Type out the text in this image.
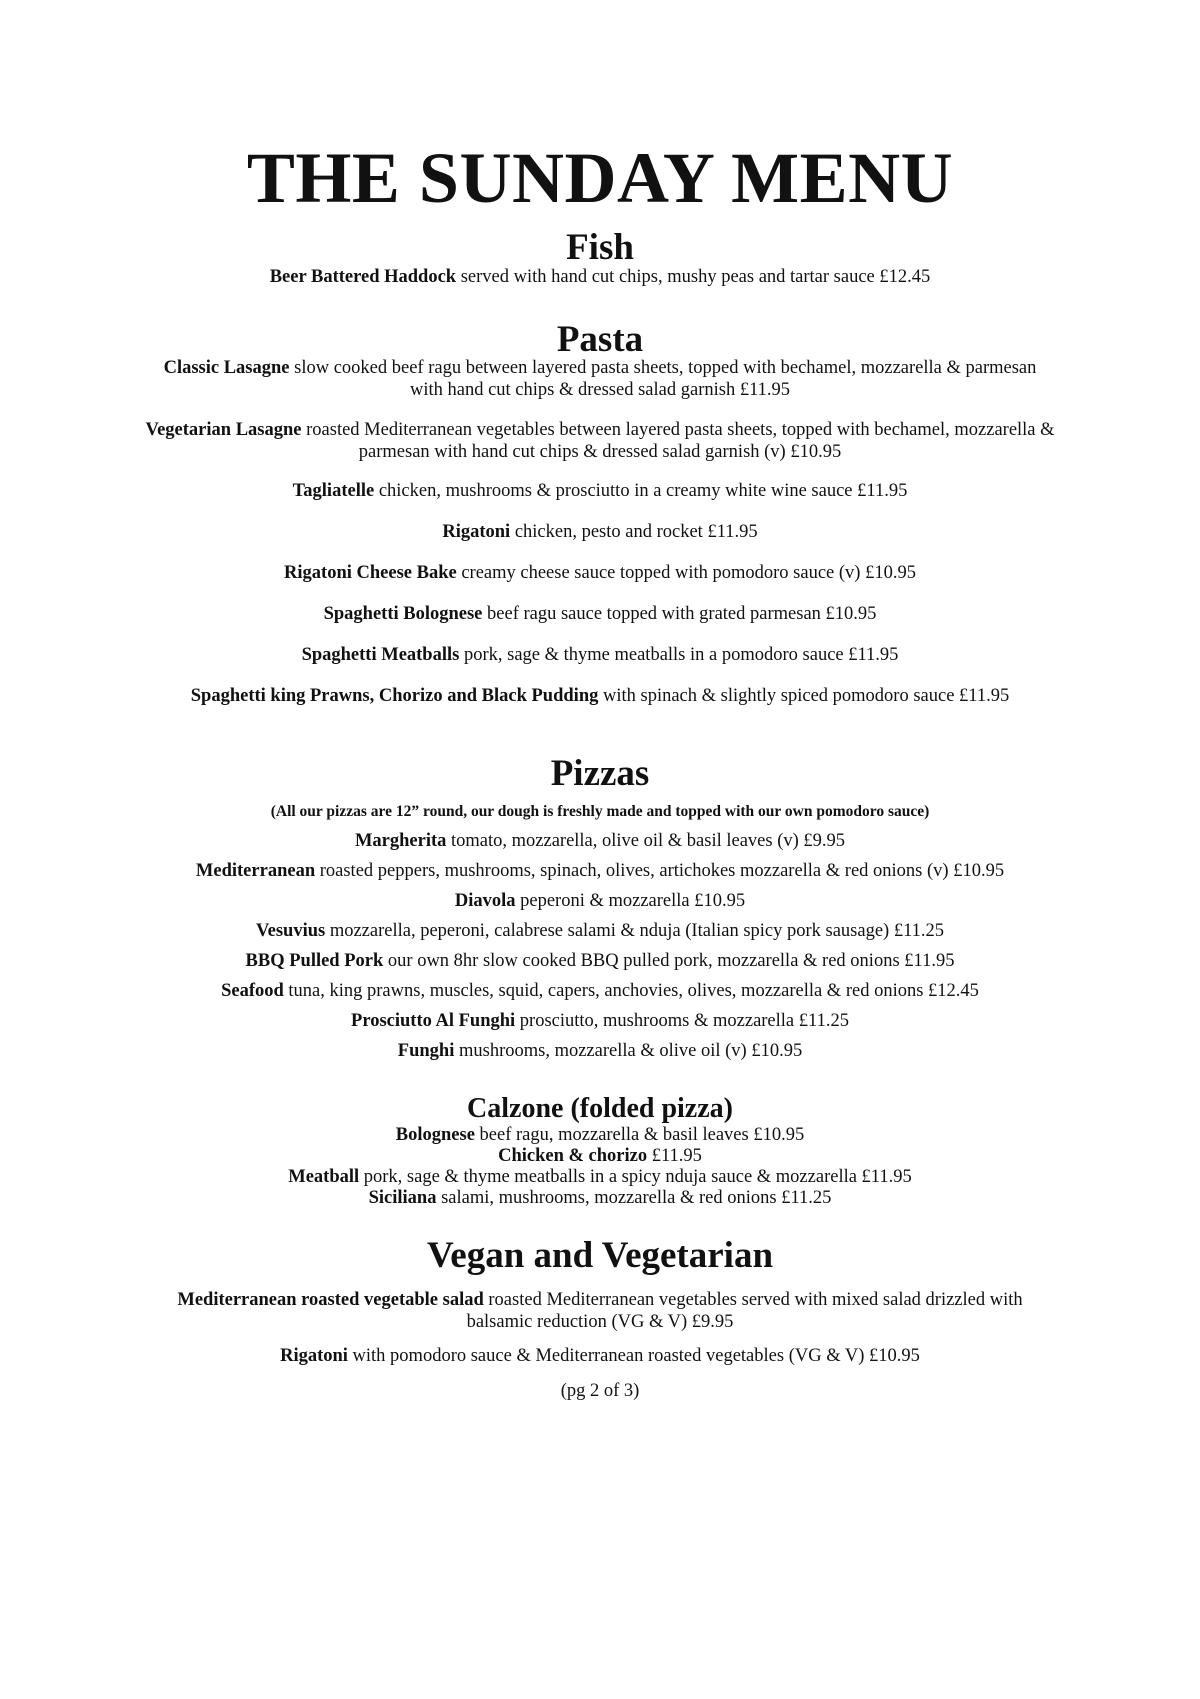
THE SUNDAY MENU
Fish
Beer Battered Haddock served with hand cut chips, mushy peas and tartar sauce £12.45
Pasta
Classic Lasagne slow cooked beef ragu between layered pasta sheets, topped with bechamel, mozzarella & parmesan with hand cut chips & dressed salad garnish £11.95
Vegetarian Lasagne roasted Mediterranean vegetables between layered pasta sheets, topped with bechamel, mozzarella & parmesan with hand cut chips & dressed salad garnish (v) £10.95
Tagliatelle chicken, mushrooms & prosciutto in a creamy white wine sauce £11.95
Rigatoni chicken, pesto and rocket £11.95
Rigatoni Cheese Bake creamy cheese sauce topped with pomodoro sauce (v) £10.95
Spaghetti Bolognese beef ragu sauce topped with grated parmesan £10.95
Spaghetti Meatballs pork, sage & thyme meatballs in a pomodoro sauce £11.95
Spaghetti king Prawns, Chorizo and Black Pudding with spinach & slightly spiced pomodoro sauce £11.95
Pizzas
(All our pizzas are 12” round, our dough is freshly made and topped with our own pomodoro sauce)
Margherita tomato, mozzarella, olive oil & basil leaves (v) £9.95
Mediterranean roasted peppers, mushrooms, spinach, olives, artichokes mozzarella & red onions (v) £10.95
Diavola peperoni & mozzarella £10.95
Vesuvius mozzarella, peperoni, calabrese salami & nduja (Italian spicy pork sausage) £11.25
BBQ Pulled Pork our own 8hr slow cooked BBQ pulled pork, mozzarella & red onions £11.95
Seafood tuna, king prawns, muscles, squid, capers, anchovies, olives, mozzarella & red onions £12.45
Prosciutto Al Funghi prosciutto, mushrooms & mozzarella £11.25
Funghi mushrooms, mozzarella & olive oil (v) £10.95
Calzone (folded pizza)
Bolognese beef ragu, mozzarella & basil leaves £10.95
Chicken & chorizo £11.95
Meatball pork, sage & thyme meatballs in a spicy nduja sauce & mozzarella £11.95
Siciliana salami, mushrooms, mozzarella & red onions £11.25
Vegan and Vegetarian
Mediterranean roasted vegetable salad roasted Mediterranean vegetables served with mixed salad drizzled with balsamic reduction (VG & V) £9.95
Rigatoni with pomodoro sauce & Mediterranean roasted vegetables (VG & V) £10.95
(pg 2 of 3)
